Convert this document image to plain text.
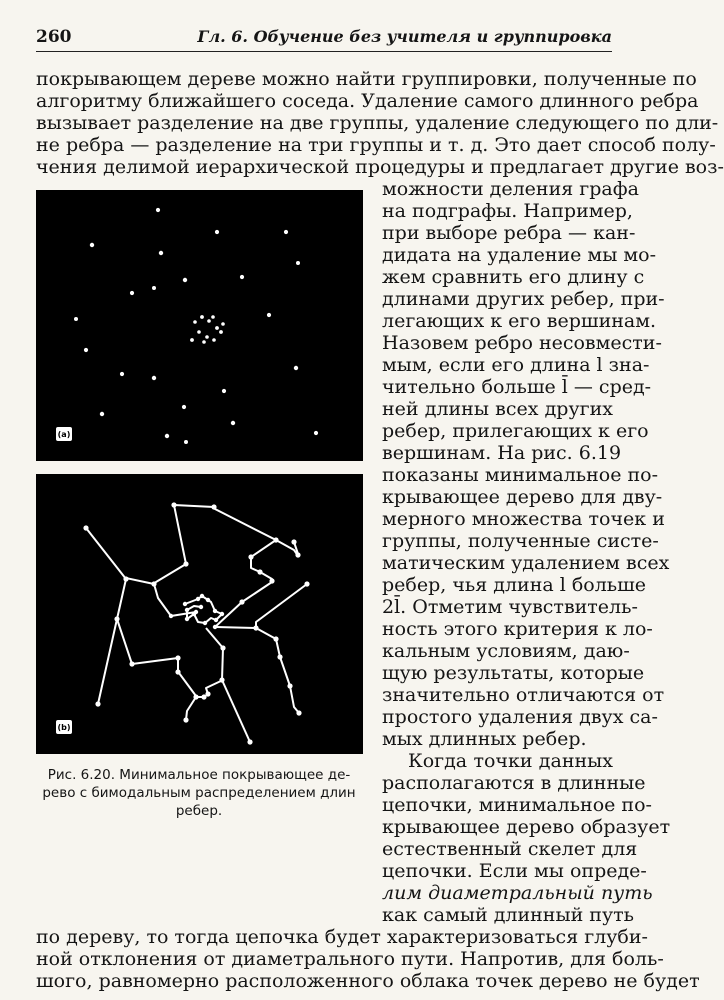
260	Гл. 6. Обучение без учителя и группировка
покрывающем дереве можно найти группировки, полученные по
алгоритму ближайшего соседа. Удаление самого длинного ребра
вызывает разделение на две группы, удаление следующего по дли-
не ребра — разделение на три группы и т. д. Это дает способ полу-
чения делимой иерархической процедуры и предлагает другие воз-
можности деления графа
на подграфы. Например,
при выборе ребра — кан-
дидата на удаление мы мо-
жем сравнить его длину с
длинами других ребер, при-
легающих к его вершинам.
Назовем ребро несовмести-
мым, если его длина l зна-
чительно больше l̄ — сред-
ней длины всех других
ребер, прилегающих к его
вершинам. На рис. 6.19
показаны минимальное по-
крывающее дерево для дву-
мерного множества точек и
группы, полученные систе-
матическим удалением всех
ребер, чья длина l больше
2l̄. Отметим чувствитель-
ность этого критерия к ло-
кальным условиям, даю-
щую результаты, которые
значительно отличаются от
простого удаления двух са-
мых длинных ребер.
Когда точки данных
располагаются в длинные
цепочки, минимальное по-
крывающее дерево образует
естественный скелет для
цепочки. Если мы опреде-
лим диаметральный путь
как самый длинный путь
по дереву, то тогда цепочка будет характеризоваться глуби-
ной отклонения от диаметрального пути. Напротив, для боль-
шого, равномерно расположенного облака точек дерево не будет
(a)
(b)
Рис. 6.20. Минимальное покрывающее де-
рево с бимодальным распределением длин
ребер.
